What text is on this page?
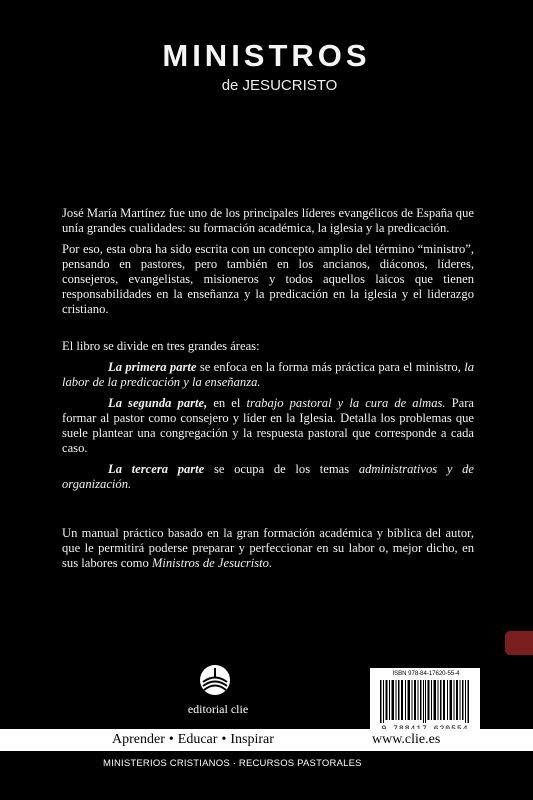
MINISTROS
de JESUCRISTO

José María Martínez fue uno de los principales líderes evangélicos de España que unía grandes cualidades: su formación académica, la iglesia y la predicación.

Por eso, esta obra ha sido escrita con un concepto amplio del término “ministro”, pensando en pastores, pero también en los ancianos, diáconos, líderes, consejeros, evangelistas, misioneros y todos aquellos laicos que tienen responsabilidades en la enseñanza y la predicación en la iglesia y el liderazgo cristiano.

El libro se divide en tres grandes áreas:

La primera parte se enfoca en la forma más práctica para el ministro, la labor de la predicación y la enseñanza.

La segunda parte, en el trabajo pastoral y la cura de almas. Para formar al pastor como consejero y líder en la Iglesia. Detalla los problemas que suele plantear una congregación y la respuesta pastoral que corresponde a cada caso.

La tercera parte se ocupa de los temas administrativos y de organización.

Un manual práctico basado en la gran formación académica y bíblica del autor, que le permitirá poderse preparar y perfeccionar en su labor o, mejor dicho, en sus labores como Ministros de Jesucristo.

editorial clie
ISBN 978-84-17620-55-4
Aprender • Educar • Inspirar	www.clie.es
MINISTERIOS CRISTIANOS · RECURSOS PASTORALES
